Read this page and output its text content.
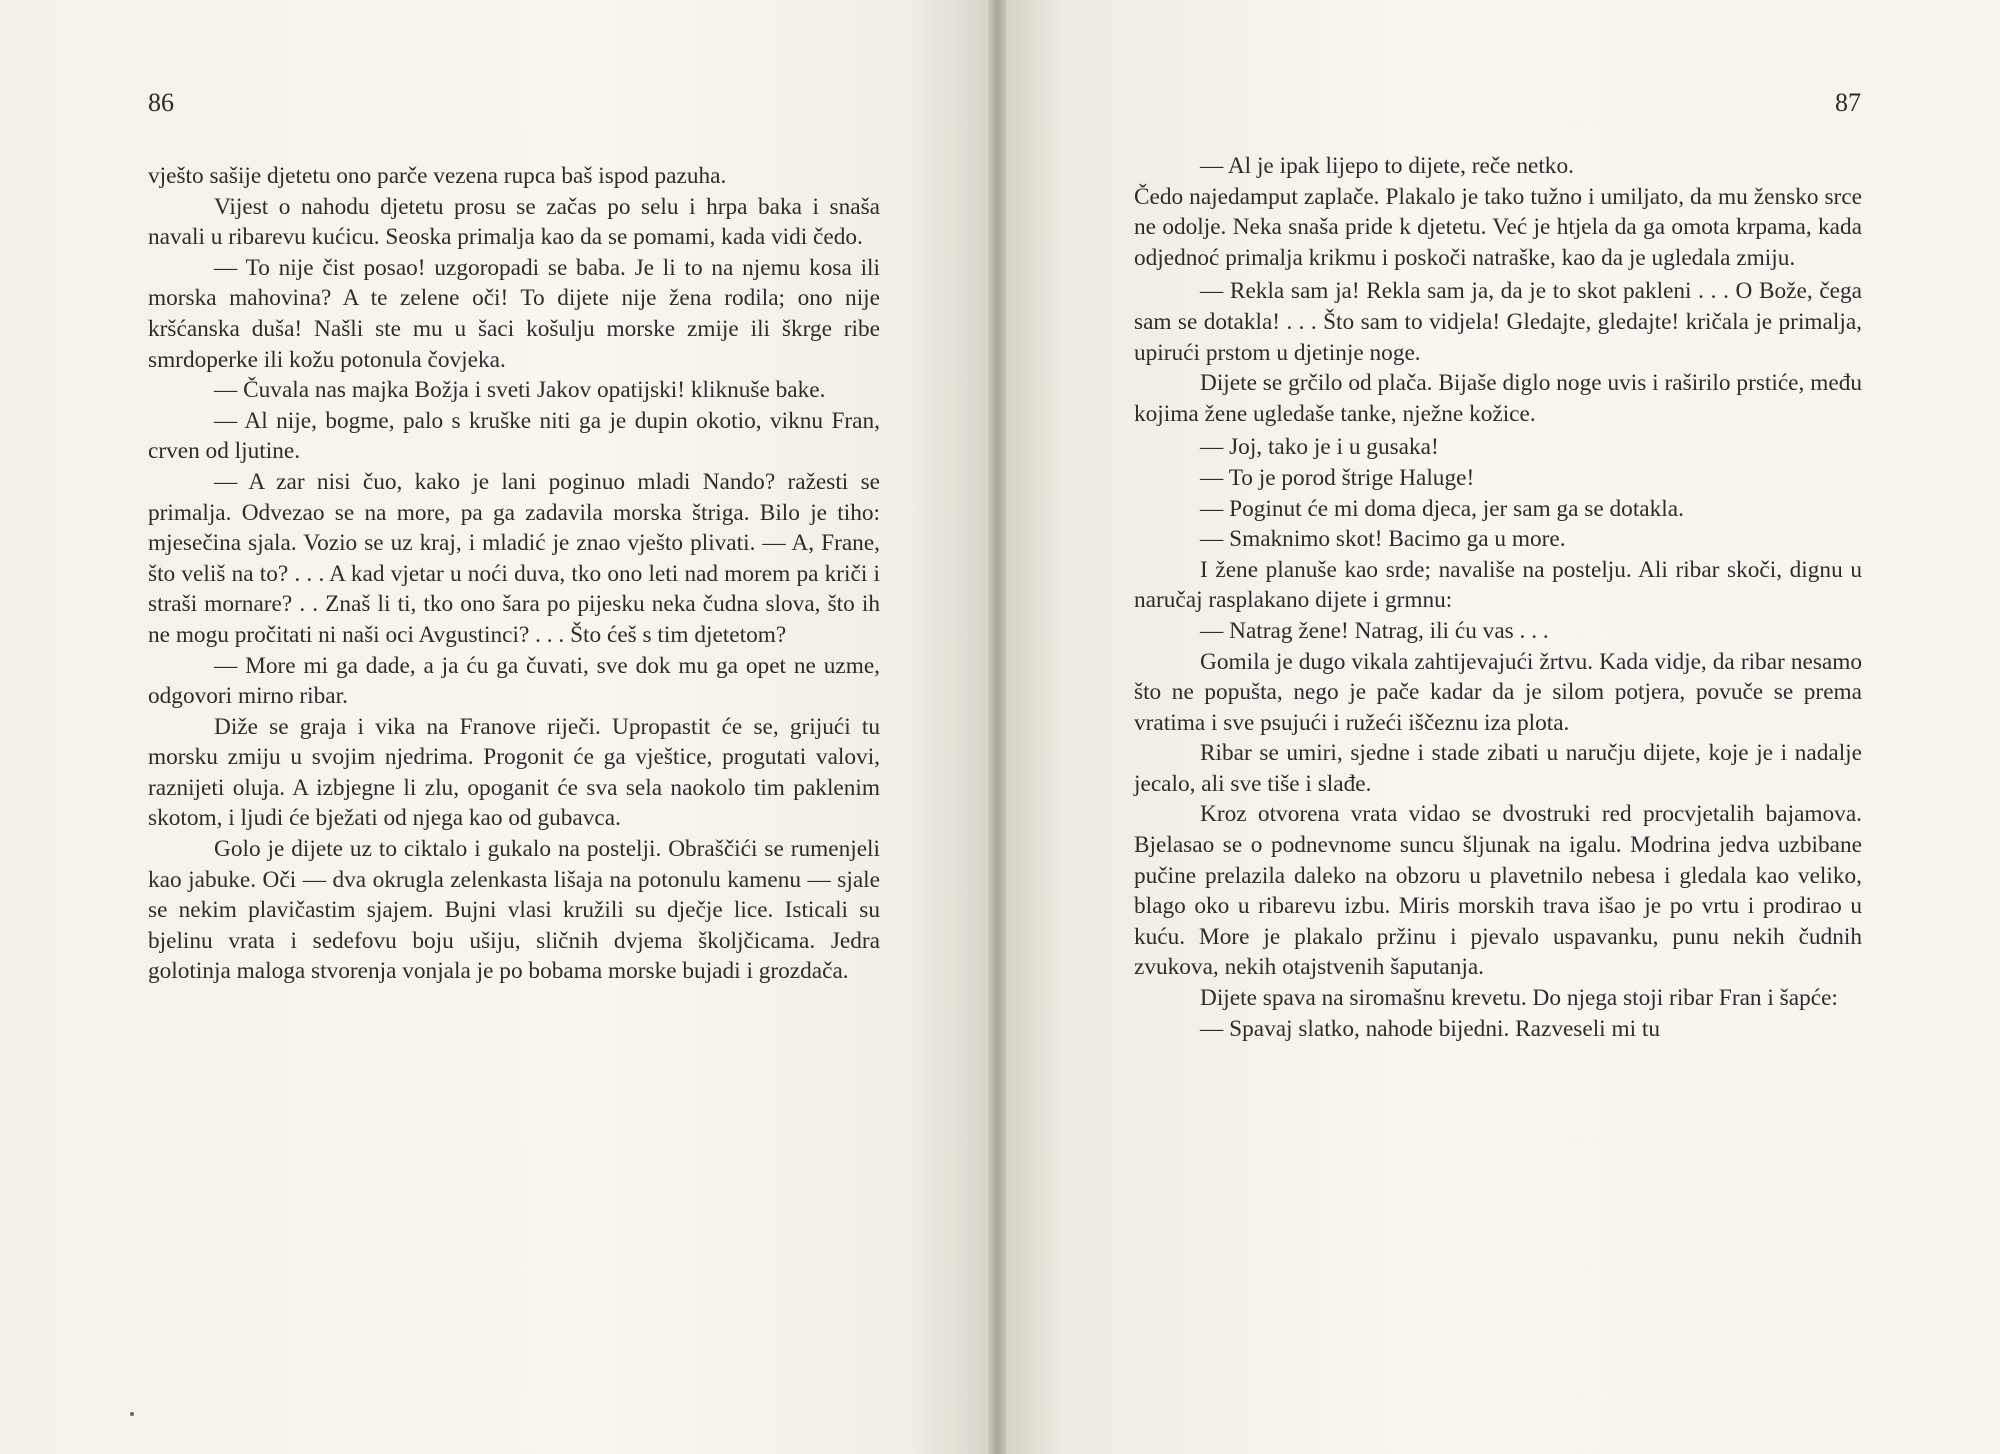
86

vješto sašije djetetu ono parče vezena rupca baš ispod pazuha.

Vijest o nahodu djetetu prosu se začas po selu i hrpa baka i snaša navali u ribarevu kućicu. Seoska primalja kao da se pomami, kada vidi čedo.

— To nije čist posao! uzgoropadi se baba. Je li to na njemu kosa ili morska mahovina? A te zelene oči! To dijete nije žena rodila; ono nije kršćanska duša! Našli ste mu u šaci košulju morske zmije ili škrge ribe smrdoperke ili kožu potonula čovjeka.

— Čuvala nas majka Božja i sveti Jakov opatijski! kliknuše bake.

— Al nije, bogme, palo s kruške niti ga je dupin okotio, viknu Fran, crven od ljutine.

— A zar nisi čuo, kako je lani poginuo mladi Nando? ražesti se primalja. Odvezao se na more, pa ga zadavila morska štriga. Bilo je tiho: mjesečina sjala. Vozio se uz kraj, i mladić je znao vješto plivati. — A, Frane, što veliš na to? . . . A kad vjetar u noći duva, tko ono leti nad morem pa kriči i straši mornare? . . Znaš li ti, tko ono šara po pijesku neka čudna slova, što ih ne mogu pročitati ni naši oci Avgustinci? . . . Što ćeš s tim djetetom?

— More mi ga dade, a ja ću ga čuvati, sve dok mu ga opet ne uzme, odgovori mirno ribar.

Diže se graja i vika na Franove riječi. Upropastit će se, grijući tu morsku zmiju u svojim njedrima. Progonit će ga vještice, progutati valovi, raznijeti oluja. A izbjegne li zlu, opoganit će sva sela naokolo tim paklenim skotom, i ljudi će bježati od njega kao od gubavca.

Golo je dijete uz to ciktalo i gukalo na postelji. Obraščići se rumenjeli kao jabuke. Oči — dva okrugla zelenkasta lišaja na potonulu kamenu — sjale se nekim plavičastim sjajem. Bujni vlasi kružili su dječje lice. Isticali su bjelinu vrata i sedefovu boju ušiju, sličnih dvjema školjčicama. Jedra golotinja maloga stvorenja vonjala je po bobama morske bujadi i grozdača.

87

— Al je ipak lijepo to dijete, reče netko.

Čedo najedamput zaplače. Plakalo je tako tužno i umiljato, da mu žensko srce ne odolje. Neka snaša pride k djetetu. Već je htjela da ga omota krpama, kada odjednoć primalja krikmu i poskoči natraške, kao da je ugledala zmiju.

— Rekla sam ja! Rekla sam ja, da je to skot pakleni . . . O Bože, čega sam se dotakla! . . . Što sam to vidjela! Gledajte, gledajte! kričala je primalja, upirući prstom u djetinje noge.

Dijete se grčilo od plača. Bijaše diglo noge uvis i raširilo prstiće, među kojima žene ugledaše tanke, nježne kožice.

— Joj, tako je i u gusaka!

— To je porod štrige Haluge!

— Poginut će mi doma djeca, jer sam ga se dotakla.

— Smaknimo skot! Bacimo ga u more.

I žene planuše kao srde; navališe na postelju. Ali ribar skoči, dignu u naručaj rasplakano dijete i grmnu:

— Natrag žene! Natrag, ili ću vas . . .

Gomila je dugo vikala zahtijevajući žrtvu. Kada vidje, da ribar nesamo što ne popušta, nego je pače kadar da je silom potjera, povuče se prema vratima i sve psujući i ružeći iščeznu iza plota.

Ribar se umiri, sjedne i stade zibati u naručju dijete, koje je i nadalje jecalo, ali sve tiše i slađe.

Kroz otvorena vrata vidao se dvostruki red procvjetalih bajamova. Bjelasao se o podnevnome suncu šljunak na igalu. Modrina jedva uzbibane pučine prelazila daleko na obzoru u plavetnilo nebesa i gledala kao veliko, blago oko u ribarevu izbu. Miris morskih trava išao je po vrtu i prodirao u kuću. More je plakalo pržinu i pjevalo uspavanku, punu nekih čudnih zvukova, nekih otajstvenih šaputanja.

Dijete spava na siromašnu krevetu. Do njega stoji ribar Fran i šapće:

— Spavaj slatko, nahode bijedni. Razveseli mi tu
